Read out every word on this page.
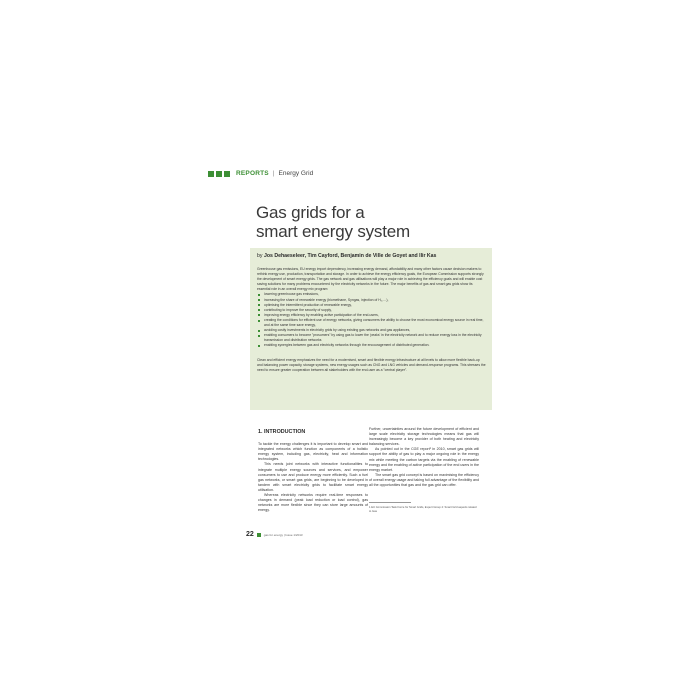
REPORTS | Energy Grid
Gas grids for a
smart energy system

by Jos Dehaeseleer, Tim Cayford, Benjamin de Ville de Goyet and Ilir Kas

Greenhouse gas emissions, EU energy import dependency, increasing energy demand, affordability and many other factors cause decision makers to rethink energy use, production, transportation and storage. In order to achieve the energy efficiency goals, the European Commission supports strongly the development of smart energy grids. The gas network and gas utilisations will play a major role in achieving the efficiency goals and will enable cost saving solutions for many problems encountered by the electricity networks in the future. The major benefits of gas and smart gas grids show its essential role in an overall energy mix program:

lowering greenhouse gas emissions,
increasing the share of renewable energy (biomethane, Syngas, injection of H₂,…),
optimising the intermittent production of renewable energy,
contributing to improve the security of supply,
improving energy efficiency by enabling active participation of the end-users,
creating the conditions for efficient use of energy networks, giving consumers the ability to choose the most economical energy source in real time, and at the same time save energy,
avoiding costly investments in electricity grids by using existing gas networks and gas appliances,
enabling consumers to become "prosumers" by using gas to lower the 'peaks' in the electricity network and to reduce energy loss in the electricity transmission and distribution networks
enabling synergies between gas and electricity networks through the encouragement of distributed generation.

Clean and efficient energy emphasizes the need for a modernised, smart and flexible energy infrastructure at all levels to allow more flexible back-up and balancing power capacity, storage systems, new energy usages such as CNG and LNG vehicles and demand-response programs. This stresses the need to ensure greater cooperation between all stakeholders with the end-user as a "central player".

1. INTRODUCTION

To tackle the energy challenges it is important to develop smart and integrated networks which function as components of a holistic energy system, including gas, electricity, heat and information technologies.

This needs joint networks with interactive functionalities to integrate multiple energy sources and services, and empower consumers to use and produce energy more efficiently. Such a fuel gas networks, or smart gas grids, are beginning to be developed in tandem with smart electricity grids to facilitate smart energy utilisation.

Whereas electricity networks require real-time responses to changes in demand (peak load reduction or load control), gas networks are more flexible since they can store large amounts of energy.

Further, uncertainties around the future development of efficient and large scale electricity storage technologies means that gas will increasingly become a key provider of both heating and electricity balancing services.

As pointed out in the CGE report¹ in 2010, smart gas grids will support the ability of gas to play a major ongoing role in the energy mix while meeting the carbon targets via the enabling of renewable energy and the enabling of active participation of the end users in the energy market.

The smart gas grid concept is based on maximising the efficiency of overall energy usage and taking full advantage of the flexibility and all the opportunities that gas and the gas grid can offer.

1 EU Commission Task Force for Smart Grids, Expert Group 4: Smart Grid aspects related to Gas
22	gas for energy | Issue 1/2013
